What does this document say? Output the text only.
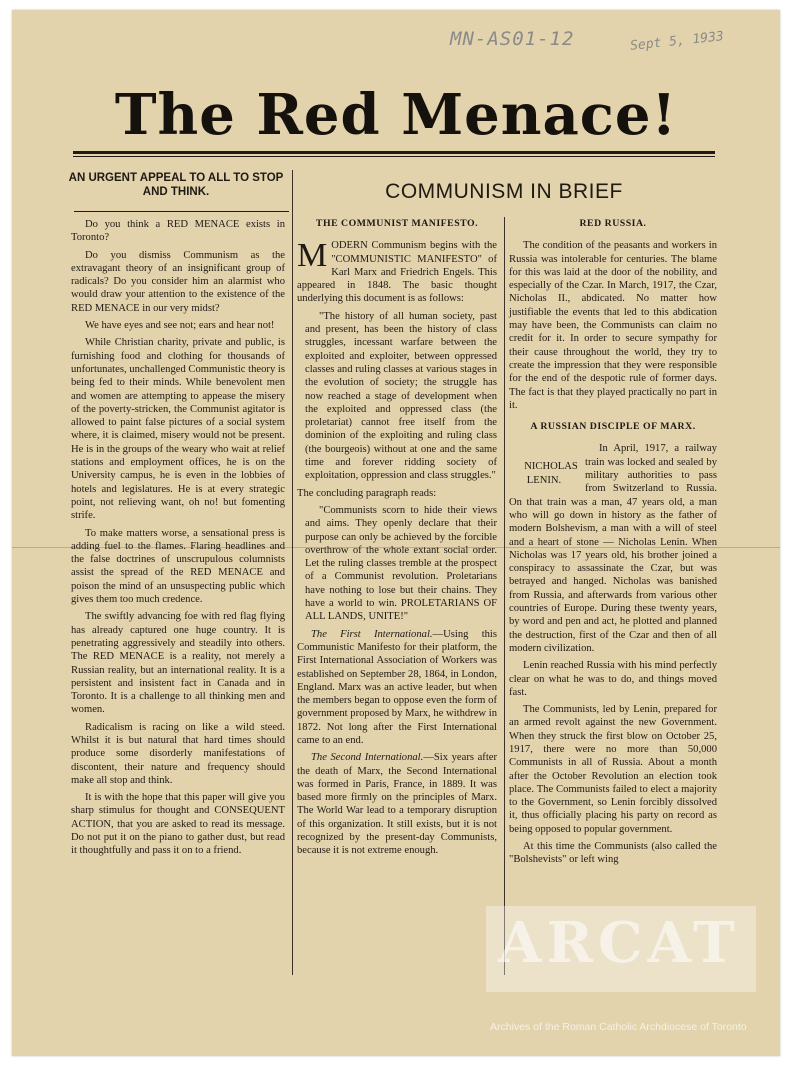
MN-AS01-12	Sept 5, 1933
The Red Menace!
AN URGENT APPEAL TO ALL TO STOP AND THINK.	COMMUNISM IN BRIEF

Do you think a RED MENACE exists in Toronto?

Do you dismiss Communism as the extravagant theory of an insignificant group of radicals? Do you consider him an alarmist who would draw your attention to the existence of the RED MENACE in our very midst?

We have eyes and see not; ears and hear not!

While Christian charity, private and public, is furnishing food and clothing for thousands of unfortunates, unchallenged Communistic theory is being fed to their minds. While benevolent men and women are attempting to appease the misery of the poverty-stricken, the Communist agitator is allowed to paint false pictures of a social system where, it is claimed, misery would not be present. He is in the groups of the weary who wait at relief stations and employment offices, he is on the University campus, he is even in the lobbies of hotels and legislatures. He is at every strategic point, not relieving want, oh no! but fomenting strife.

To make matters worse, a sensational press is adding fuel to the flames. Flaring headlines and the false doctrines of unscrupulous columnists assist the spread of the RED MENACE and poison the mind of an unsuspecting public which gives them too much credence.

The swiftly advancing foe with red flag flying has already captured one huge country. It is penetrating aggressively and steadily into others. The RED MENACE is a reality, not merely a Russian reality, but an international reality. It is a persistent and insistent fact in Canada and in Toronto. It is a challenge to all thinking men and women.

Radicalism is racing on like a wild steed. Whilst it is but natural that hard times should produce some disorderly manifestations of discontent, their nature and frequency should make all stop and think.

It is with the hope that this paper will give you sharp stimulus for thought and CONSEQUENT ACTION, that you are asked to read its message. Do not put it on the piano to gather dust, but read it thoughtfully and pass it on to a friend.

THE COMMUNIST MANIFESTO.

MODERN Communism begins with the "COMMUNISTIC MANIFESTO" of Karl Marx and Friedrich Engels. This appeared in 1848. The basic thought underlying this document is as follows:

"The history of all human society, past and present, has been the history of class struggles, incessant warfare between the exploited and exploiter, between oppressed classes and ruling classes at various stages in the evolution of society; the struggle has now reached a stage of development when the exploited and oppressed class (the proletariat) cannot free itself from the dominion of the exploiting and ruling class (the bourgeois) without at one and the same time and forever ridding society of exploitation, oppression and class struggles."

The concluding paragraph reads:

"Communists scorn to hide their views and aims. They openly declare that their purpose can only be achieved by the forcible overthrow of the whole extant social order. Let the ruling classes tremble at the prospect of a Communist revolution. Proletarians have nothing to lose but their chains. They have a world to win. PROLETARIANS OF ALL LANDS, UNITE!"

The First International.—Using this Communistic Manifesto for their platform, the First International Association of Workers was established on September 28, 1864, in London, England. Marx was an active leader, but when the members began to oppose even the form of government proposed by Marx, he withdrew in 1872. Not long after the First International came to an end.

The Second International.—Six years after the death of Marx, the Second International was formed in Paris, France, in 1889. It was based more firmly on the principles of Marx. The World War lead to a temporary disruption of this organization. It still exists, but it is not recognized by the present-day Communists, because it is not extreme enough.

RED RUSSIA.

The condition of the peasants and workers in Russia was intolerable for centuries. The blame for this was laid at the door of the nobility, and especially of the Czar. In March, 1917, the Czar, Nicholas II., abdicated. No matter how justifiable the events that led to this abdication may have been, the Communists can claim no credit for it. In order to secure sympathy for their cause throughout the world, they try to create the impression that they were responsible for the end of the despotic rule of former days. The fact is that they played practically no part in it.

A RUSSIAN DISCIPLE OF MARX.

NICHOLAS LENIN.
In April, 1917, a railway train was locked and sealed by military authorities to pass from Switzerland to Russia. On that train was a man, 47 years old, a man who will go down in history as the father of modern Bolshevism, a man with a will of steel and a heart of stone — Nicholas Lenin. When Nicholas was 17 years old, his brother joined a conspiracy to assassinate the Czar, but was betrayed and hanged. Nicholas was banished from Russia, and afterwards from various other countries of Europe. During these twenty years, by word and pen and act, he plotted and planned the destruction, first of the Czar and then of all modern civilization.

Lenin reached Russia with his mind perfectly clear on what he was to do, and things moved fast.

The Communists, led by Lenin, prepared for an armed revolt against the new Government. When they struck the first blow on October 25, 1917, there were no more than 50,000 Communists in all of Russia. About a month after the October Revolution an election took place. The Communists failed to elect a majority to the Government, so Lenin forcibly dissolved it, thus officially placing his party on record as being opposed to popular government.

At this time the Communists (also called the "Bolshevists" or left wing

ARCAT
Archives of the Roman Catholic Archdiocese of Toronto
